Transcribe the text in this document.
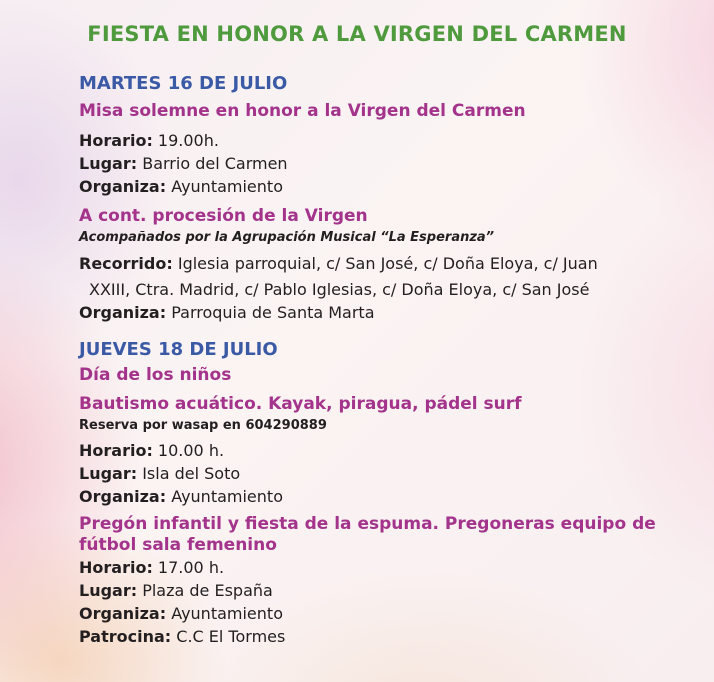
FIESTA EN HONOR A LA VIRGEN DEL CARMEN

MARTES 16 DE JULIO

Misa solemne en honor a la Virgen del Carmen

Horario: 19.00h.

Lugar: Barrio del Carmen

Organiza: Ayuntamiento

A cont. procesión de la Virgen

Acompañados por la Agrupación Musical “La Esperanza”

Recorrido: Iglesia parroquial, c/ San José, c/ Doña Eloya, c/ Juan

XXIII, Ctra. Madrid, c/ Pablo Iglesias, c/ Doña Eloya, c/ San José

Organiza: Parroquia de Santa Marta

JUEVES 18 DE JULIO

Día de los niños

Bautismo acuático. Kayak, piragua, pádel surf

Reserva por wasap en 604290889

Horario: 10.00 h.

Lugar: Isla del Soto

Organiza: Ayuntamiento

Pregón infantil y fiesta de la espuma. Pregoneras equipo de

fútbol sala femenino

Horario: 17.00 h.

Lugar: Plaza de España

Organiza: Ayuntamiento

Patrocina: C.C El Tormes
